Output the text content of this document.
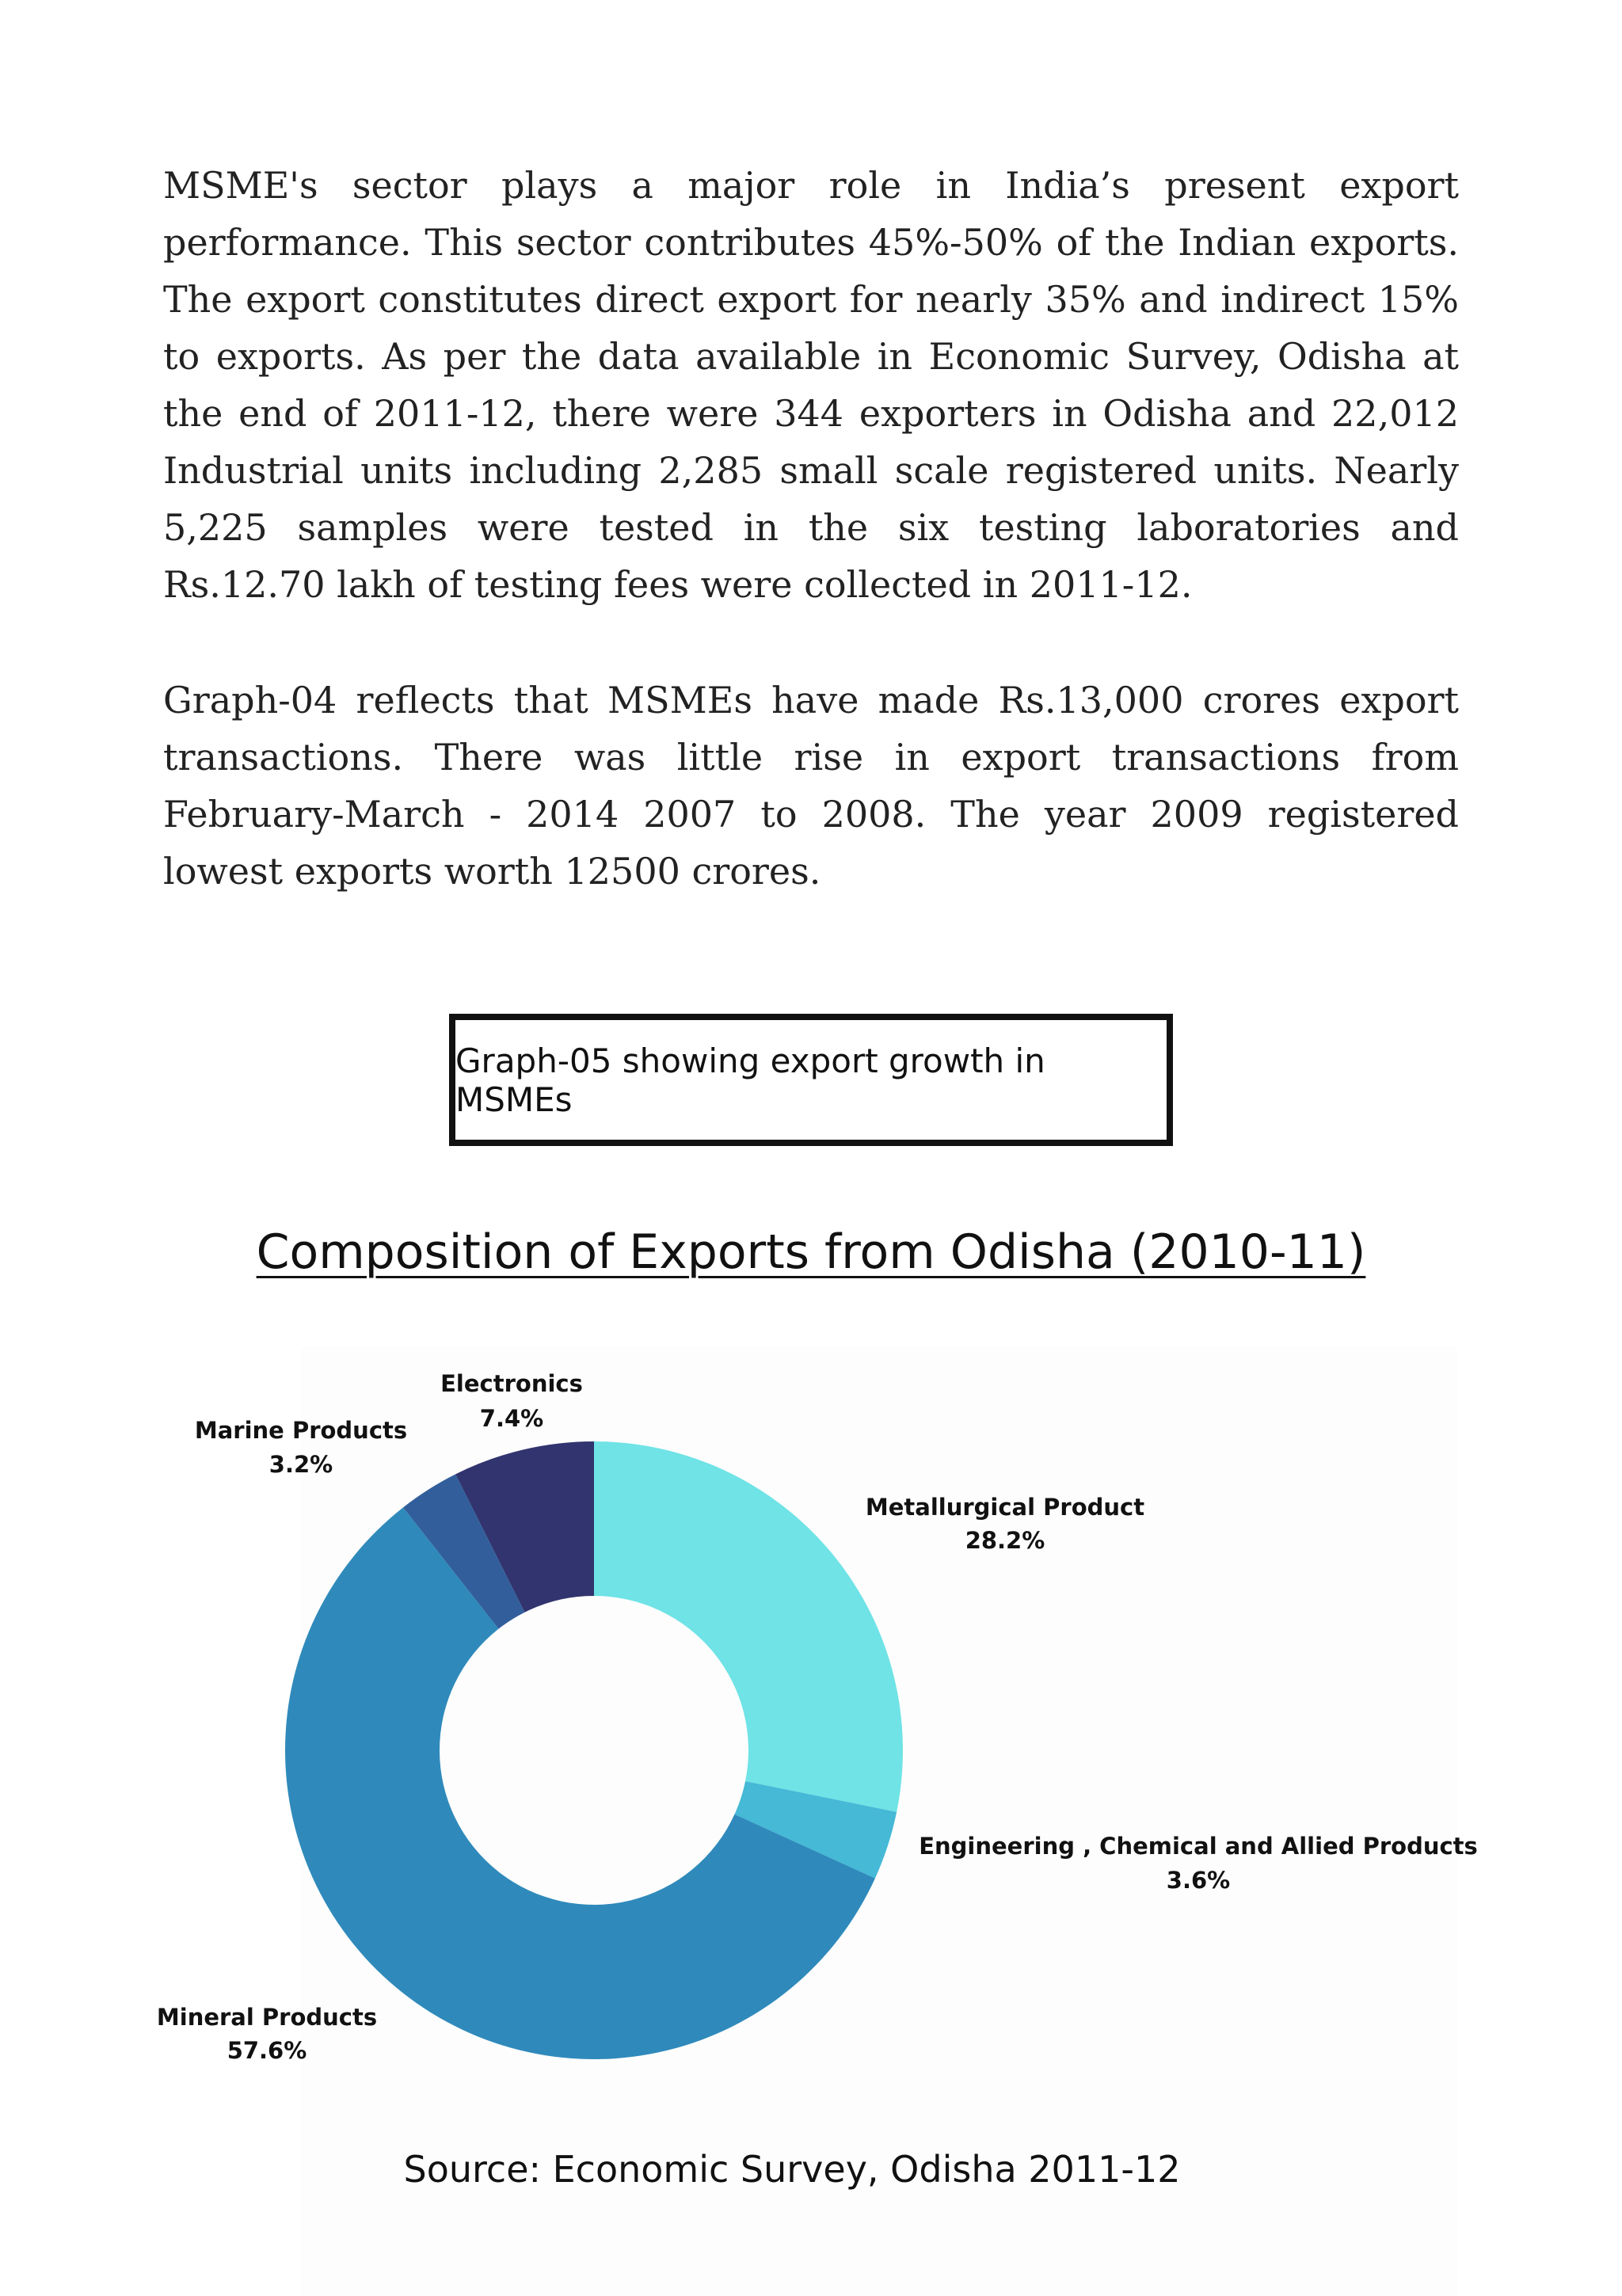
MSME's sector plays a major role in India’s present export performance. This sector contributes 45%-50% of the Indian exports. The export constitutes direct export for nearly 35% and indirect 15% to exports. As per the data available in Economic Survey, Odisha at the end of 2011-12, there were 344 exporters in Odisha and 22,012 Industrial units including 2,285 small scale registered units. Nearly 5,225 samples were tested in the six testing laboratories and Rs.12.70 lakh of testing fees were collected in 2011-12.

Graph-04 reflects that MSMEs have made Rs.13,000 crores export transactions. There was little rise in export transactions from February-March - 2014 2007 to 2008. The year 2009 registered lowest exports worth 12500 crores.

Graph-05 showing export growth in MSMEs
Composition of Exports from Odisha (2010-11)
Metallurgical Product
28.2%
Engineering , Chemical and Allied Products
3.6%
Mineral Products
57.6%
Marine Products
3.2%
Electronics
7.4%
Source: Economic Survey, Odisha 2011-12
